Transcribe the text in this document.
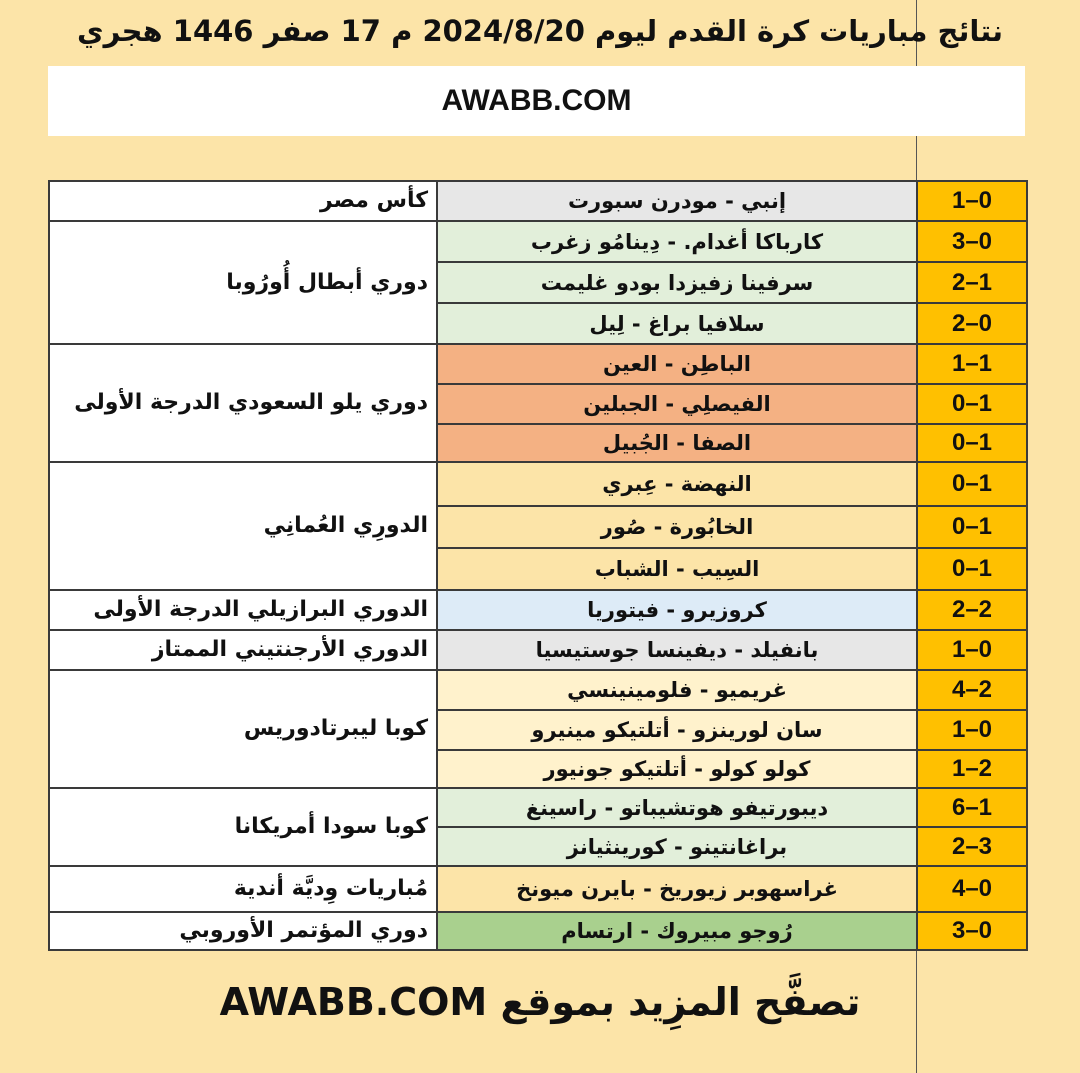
نتائج مباريات كرة القدم ليوم 2024/8/20 م 17 صفر 1446 هجري
AWABB.COM
كأس مصر	إنبي - مودرن سبورت	1–0
دوري أبطال أُورُوبا	كارباكا أغدام. - دِينامُو زغرب	3–0
	سرفينا زفيزدا بودو غليمت	2–1
	سلافيا براغ - لِيل	2–0
دوري يلو السعودي الدرجة الأولى	الباطِن - العين	1–1
	الفيصلِي - الجبلين	0–1
	الصفا - الجُبيل	0–1
الدورِي العُمانِي	النهضة - عِبري	0–1
	الخابُورة - صُور	0–1
	السِيب - الشباب	0–1
الدوري البرازيلي الدرجة الأولى	كروزيرو - فيتوريا	2–2
الدوري الأرجنتيني الممتاز	بانفيلد - ديفينسا جوستيسيا	1–0
كوبا ليبرتادوريس	غريميو - فلومينينسي	4–2
	سان لورينزو - أتلتيكو مينيرو	1–0
	كولو كولو - أتلتيكو جونيور	1–2
كوبا سودا أمريكانا	ديبورتيفو هوتشيباتو - راسينغ	6–1
	براغانتينو - كورينثيانز	2–3
مُباريات وِديَّة أندية	غراسهوبر زيوريخ - بايرن ميونخ	4–0
دوري المؤتمر الأوروبي	رُوجو مبيروك - ارتسام	3–0
تصفَّح المزِيد بموقع AWABB.COM
